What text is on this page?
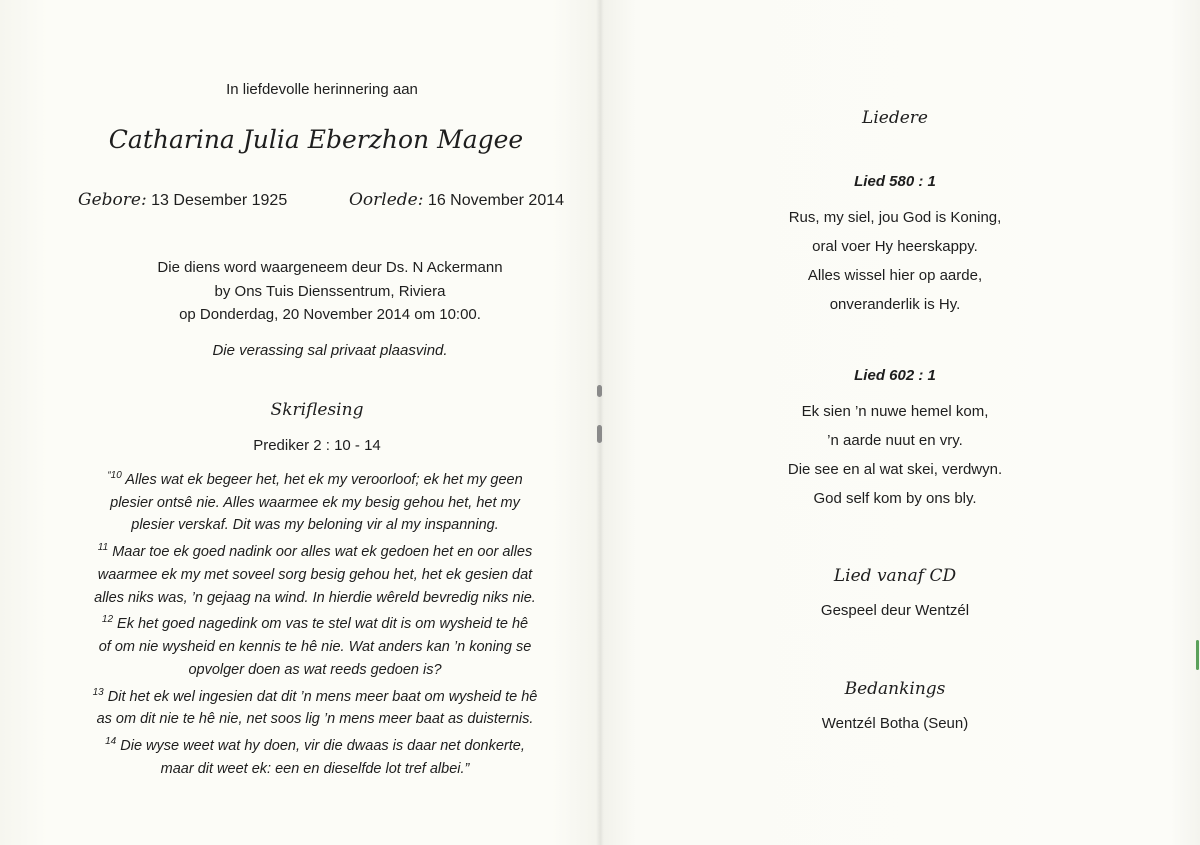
In liefdevolle herinnering aan
Catharina Julia Eberzhon Magee
Gebore: 13 Desember 1925	Oorlede: 16 November 2014
Die diens word waargeneem deur Ds. N Ackermann
by Ons Tuis Dienssentrum, Riviera
op Donderdag, 20 November 2014 om 10:00.
Die verassing sal privaat plaasvind.
Skriflesing
Prediker 2 : 10 - 14
$^{“10}$ Alles wat ek begeer het, het ek my veroorloof; ek het my geen
plesier ontsê nie. Alles waarmee ek my besig gehou het, het my
plesier verskaf. Dit was my beloning vir al my inspanning.
$^{11}$ Maar toe ek goed nadink oor alles wat ek gedoen het en oor alles
waarmee ek my met soveel sorg besig gehou het, het ek gesien dat
alles niks was, ’n gejaag na wind. In hierdie wêreld bevredig niks nie.
$^{12}$ Ek het goed nagedink om vas te stel wat dit is om wysheid te hê
of om nie wysheid en kennis te hê nie. Wat anders kan ’n koning se
opvolger doen as wat reeds gedoen is?
$^{13}$ Dit het ek wel ingesien dat dit ’n mens meer baat om wysheid te hê
as om dit nie te hê nie, net soos lig ’n mens meer baat as duisternis.
$^{14}$ Die wyse weet wat hy doen, vir die dwaas is daar net donkerte,
maar dit weet ek: een en dieselfde lot tref albei.”
Liedere
Lied 580 : 1
Rus, my siel, jou God is Koning,
oral voer Hy heerskappy.
Alles wissel hier op aarde,
onveranderlik is Hy.
Lied 602 : 1
Ek sien ’n nuwe hemel kom,
’n aarde nuut en vry.
Die see en al wat skei, verdwyn.
God self kom by ons bly.
Lied vanaf CD
Gespeel deur Wentzél
Bedankings
Wentzél Botha (Seun)
